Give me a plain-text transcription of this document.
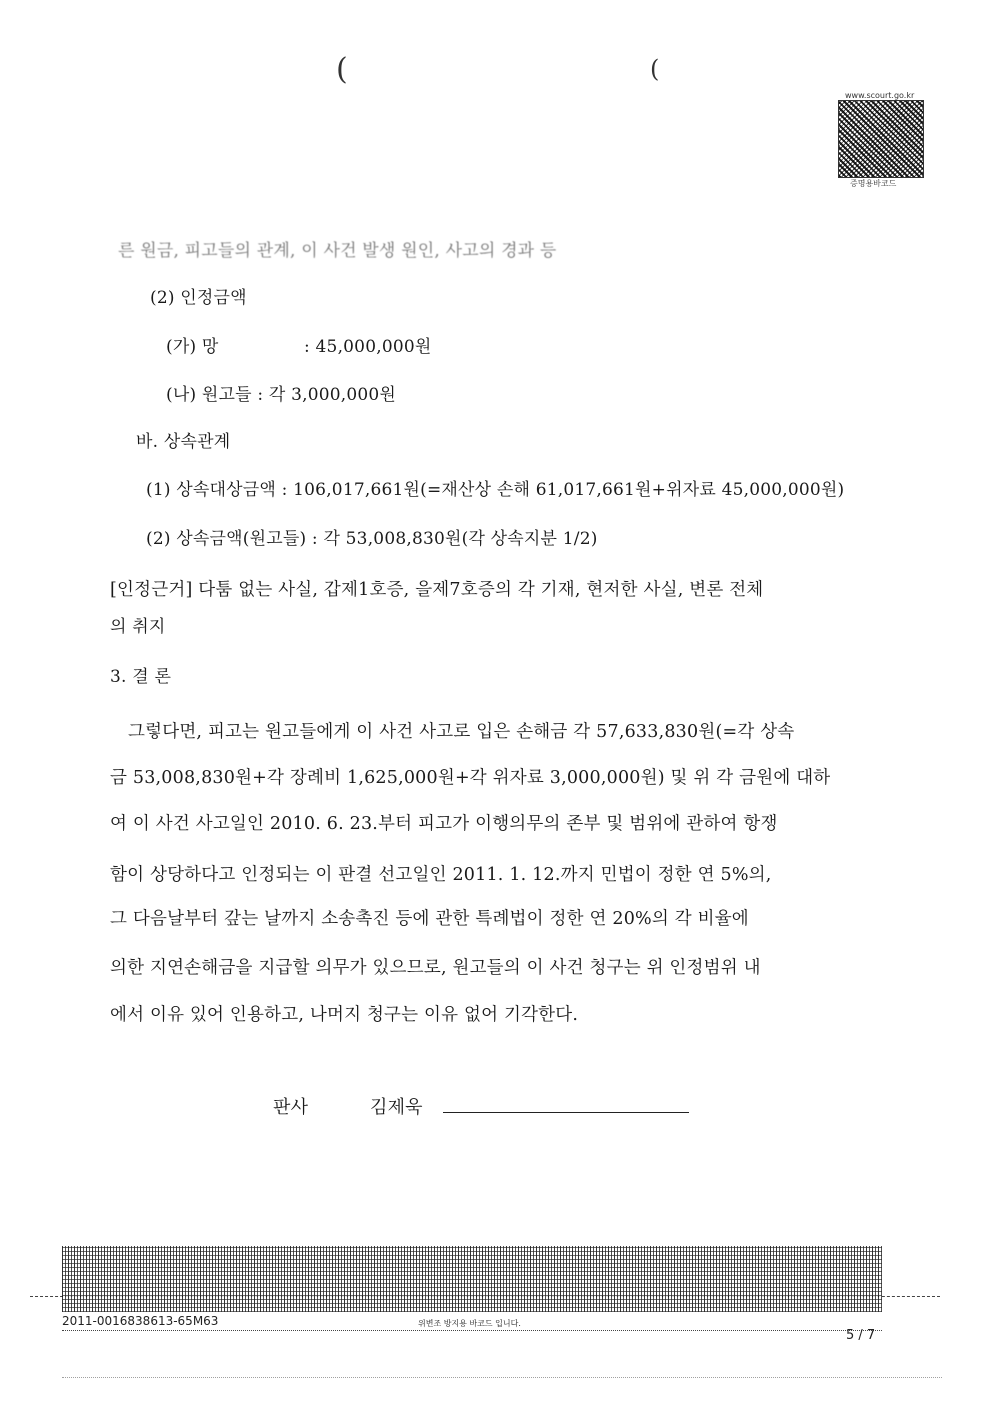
(	(
www.scourt.go.kr
증명용바코드
른 원금, 피고들의 관계, 이 사건 발생 원인, 사고의 경과 등
(2) 인정금액
(가) 망	: 45,000,000원
(나) 원고들 : 각 3,000,000원
바. 상속관계
(1) 상속대상금액 : 106,017,661원(=재산상 손해 61,017,661원+위자료 45,000,000원)
(2) 상속금액(원고들) : 각 53,008,830원(각 상속지분 1/2)
[인정근거] 다툼 없는 사실, 갑제1호증, 을제7호증의 각 기재, 현저한 사실, 변론 전체
의 취지
3. 결 론
그렇다면, 피고는 원고들에게 이 사건 사고로 입은 손해금 각 57,633,830원(=각 상속
금 53,008,830원+각 장례비 1,625,000원+각 위자료 3,000,000원) 및 위 각 금원에 대하
여 이 사건 사고일인 2010. 6. 23.부터 피고가 이행의무의 존부 및 범위에 관하여 항쟁
함이 상당하다고 인정되는 이 판결 선고일인 2011. 1. 12.까지 민법이 정한 연 5%의,
그 다음날부터 갚는 날까지 소송촉진 등에 관한 특례법이 정한 연 20%의 각 비율에
의한 지연손해금을 지급할 의무가 있으므로, 원고들의 이 사건 청구는 위 인정범위 내
에서 이유 있어 인용하고, 나머지 청구는 이유 없어 기각한다.
판사	김제욱
2011-0016838613-65M63	위변조 방지용 바코드 입니다.
5 / 7
